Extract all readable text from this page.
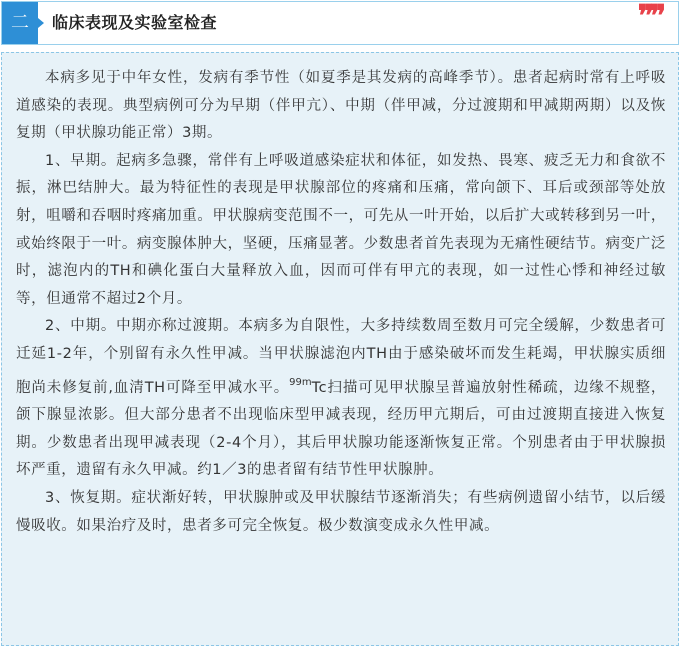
二	临床表现及实验室检查	❞❞

本病多见于中年女性，发病有季节性（如夏季是其发病的高峰季节）。患者起病时常有上呼吸道感染的表现。典型病例可分为早期（伴甲亢）、中期（伴甲减，分过渡期和甲减期两期）以及恢复期（甲状腺功能正常）3期。

1、早期。起病多急骤，常伴有上呼吸道感染症状和体征，如发热、畏寒、疲乏无力和食欲不振，淋巴结肿大。最为特征性的表现是甲状腺部位的疼痛和压痛，常向颌下、耳后或颈部等处放射，咀嚼和吞咽时疼痛加重。甲状腺病变范围不一，可先从一叶开始，以后扩大或转移到另一叶，或始终限于一叶。病变腺体肿大，坚硬，压痛显著。少数患者首先表现为无痛性硬结节。病变广泛时，滤泡内的TH和碘化蛋白大量释放入血，因而可伴有甲亢的表现，如一过性心悸和神经过敏等，但通常不超过2个月。

2、中期。中期亦称过渡期。本病多为自限性，大多持续数周至数月可完全缓解，少数患者可迁延1-2年，个别留有永久性甲减。当甲状腺滤泡内TH由于感染破坏而发生耗竭，甲状腺实质细胞尚未修复前,血清TH可降至甲减水平。$^{99m}$Tc扫描可见甲状腺呈普遍放射性稀疏，边缘不规整，颌下腺显浓影。但大部分患者不出现临床型甲减表现，经历甲亢期后，可由过渡期直接进入恢复期。少数患者出现甲减表现（2-4个月），其后甲状腺功能逐渐恢复正常。个别患者由于甲状腺损坏严重，遗留有永久甲减。约1／3的患者留有结节性甲状腺肿。

3、恢复期。症状渐好转，甲状腺肿或及甲状腺结节逐渐消失；有些病例遗留小结节，以后缓慢吸收。如果治疗及时，患者多可完全恢复。极少数演变成永久性甲减。
